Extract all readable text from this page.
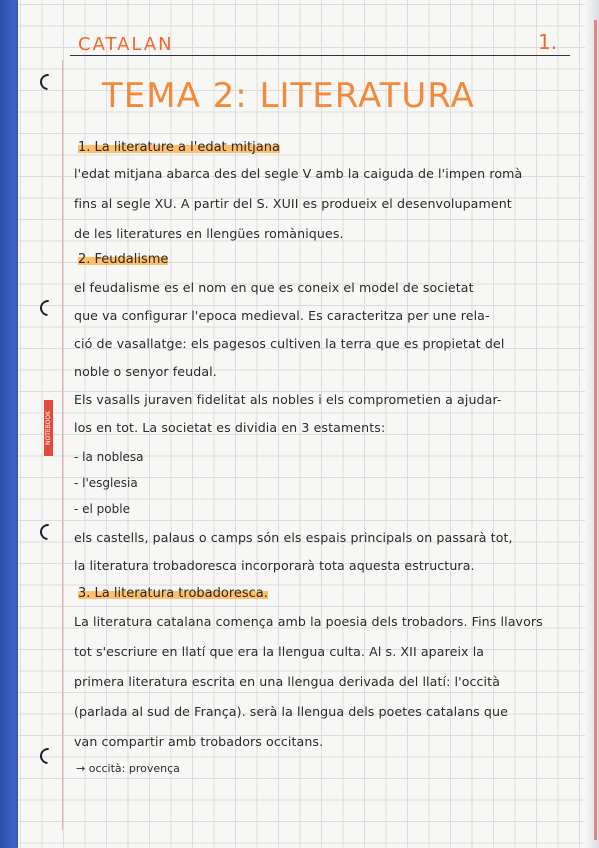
NOTEBOOK
CATALAN	1.
TEMA 2: LITERATURA
1. La literature a l'edat mitjana
l'edat mitjana abarca des del segle V amb la caiguda de l'impen romà
fins al segle XU. A partir del S. XUII es produeix el desenvolupament
de les literatures en llengües romàniques.
2. Feudalisme
el feudalisme es el nom en que es coneix el model de societat
que va configurar l'epoca medieval. Es caracteritza per une rela-
ció de vasallatge: els pagesos cultiven la terra que es propietat del
noble o senyor feudal.
Els vasalls juraven fidelitat als nobles i els comprometien a ajudar-
los en tot. La societat es dividia en 3 estaments:
- la noblesa
- l'esglesia
- el poble
els castells, palaus o camps són els espais principals on passarà tot,
la literatura trobadoresca incorporarà tota aquesta estructura.
3. La literatura trobadoresca.
La literatura catalana comença amb la poesia dels trobadors. Fins llavors
tot s'escriure en llatí que era la llengua culta. Al s. XII apareix la
primera literatura escrita en una llengua derivada del llatí: l'occità
(parlada al sud de França). serà la llengua dels poetes catalans que
van compartir amb trobadors occitans.
→ occità: provença
